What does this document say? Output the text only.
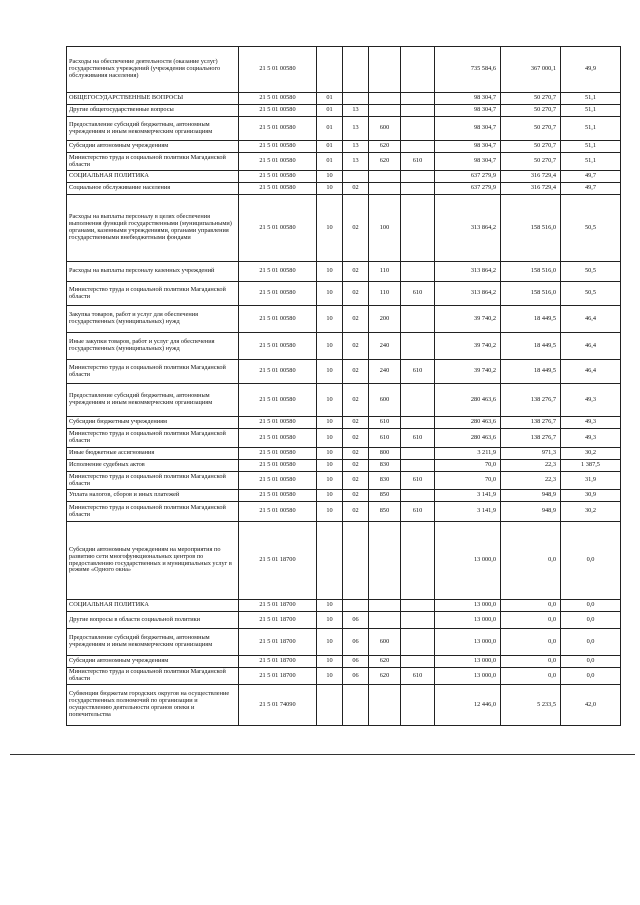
Расходы на обеспечение деятельности (оказание услуг) государственных учреждений (учреждения социального обслуживания населения)	21 5 01 00580					735 584,6	367 000,1	49,9
ОБЩЕГОСУДАРСТВЕННЫЕ ВОПРОСЫ	21 5 01 00580	01				98 304,7	50 270,7	51,1
Другие общегосударственные вопросы	21 5 01 00580	01	13			98 304,7	50 270,7	51,1
Предоставление субсидий бюджетным, автономным учреждениям и иным некоммерческим организациям	21 5 01 00580	01	13	600		98 304,7	50 270,7	51,1
Субсидии автономным учреждениям	21 5 01 00580	01	13	620		98 304,7	50 270,7	51,1
Министерство труда и социальной политики Магаданской области	21 5 01 00580	01	13	620	610	98 304,7	50 270,7	51,1
СОЦИАЛЬНАЯ ПОЛИТИКА	21 5 01 00580	10				637 279,9	316 729,4	49,7
Социальное обслуживание населения	21 5 01 00580	10	02			637 279,9	316 729,4	49,7
Расходы на выплаты персоналу в целях обеспечения выполнения функций государственными (муниципальными) органами, казенными учреждениями, органами управления государственными внебюджетными фондами	21 5 01 00580	10	02	100		313 864,2	158 516,0	50,5
Расходы на выплаты персоналу казенных учреждений	21 5 01 00580	10	02	110		313 864,2	158 516,0	50,5
Министерство труда и социальной политики Магаданской области	21 5 01 00580	10	02	110	610	313 864,2	158 516,0	50,5
Закупка товаров, работ и услуг для обеспечения государственных (муниципальных) нужд	21 5 01 00580	10	02	200		39 740,2	18 449,5	46,4
Иные закупки товаров, работ и услуг для обеспечения государственных (муниципальных) нужд	21 5 01 00580	10	02	240		39 740,2	18 449,5	46,4
Министерство труда и социальной политики Магаданской области	21 5 01 00580	10	02	240	610	39 740,2	18 449,5	46,4
Предоставление субсидий бюджетным, автономным учреждениям и иным некоммерческим организациям	21 5 01 00580	10	02	600		280 463,6	138 276,7	49,3
Субсидии бюджетным учреждениям	21 5 01 00580	10	02	610		280 463,6	138 276,7	49,3
Министерство труда и социальной политики Магаданской области	21 5 01 00580	10	02	610	610	280 463,6	138 276,7	49,3
Иные бюджетные ассигнования	21 5 01 00580	10	02	800		3 211,9	971,3	30,2
Исполнение судебных актов	21 5 01 00580	10	02	830		70,0	22,3	1 387,5
Министерство труда и социальной политики Магаданской области	21 5 01 00580	10	02	830	610	70,0	22,3	31,9
Уплата налогов, сборов и иных платежей	21 5 01 00580	10	02	850		3 141,9	948,9	30,9
Министерство труда и социальной политики Магаданской области	21 5 01 00580	10	02	850	610	3 141,9	948,9	30,2
Субсидии автономным учреждениям на мероприятия по развитию сети многофункциональных центров по предоставлению государственных и муниципальных услуг в режиме «Одного окна»	21 5 01 18700					13 000,0	0,0	0,0
СОЦИАЛЬНАЯ ПОЛИТИКА	21 5 01 18700	10				13 000,0	0,0	0,0
Другие вопросы в области социальной политики	21 5 01 18700	10	06			13 000,0	0,0	0,0
Предоставление субсидий бюджетным, автономным учреждениям и иным некоммерческим организациям	21 5 01 18700	10	06	600		13 000,0	0,0	0,0
Субсидии автономным учреждениям	21 5 01 18700	10	06	620		13 000,0	0,0	0,0
Министерство труда и социальной политики Магаданской области	21 5 01 18700	10	06	620	610	13 000,0	0,0	0,0
Субвенции бюджетам городских округов на осуществление государственных полномочий по организации и осуществлению деятельности органов опеки и попечительства	21 5 01 74090					12 446,0	5 233,5	42,0
